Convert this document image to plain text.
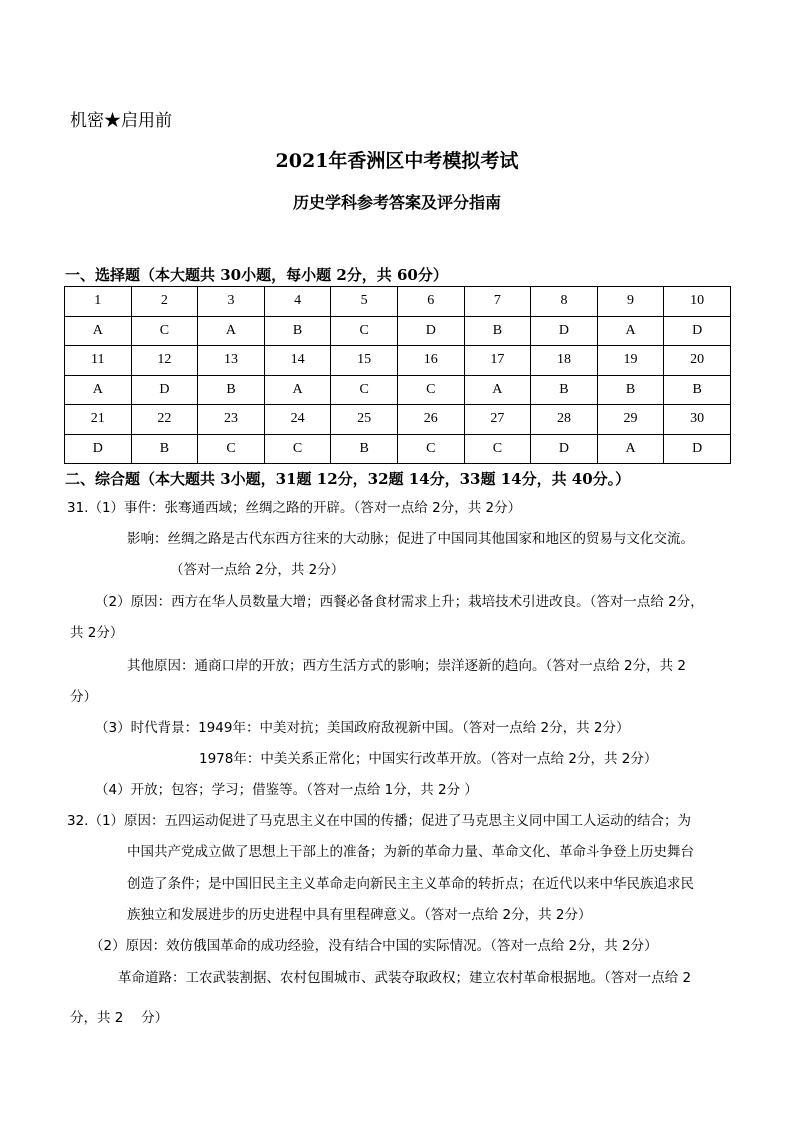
机密★启用前
2021年香洲区中考模拟考试
历史学科参考答案及评分指南
一、选择题（本大题共 30小题，每小题 2分，共 60分）
1	2	3	4	5	6	7	8	9	10
A	C	A	B	C	D	B	D	A	D
11	12	13	14	15	16	17	18	19	20
A	D	B	A	C	C	A	B	B	B
21	22	23	24	25	26	27	28	29	30
D	B	C	C	B	C	C	D	A	D
二、综合题（本大题共 3小题，31题 12分，32题 14分，33题 14分，共 40分。）
31.（1）事件：张骞通西域；丝绸之路的开辟。（答对一点给 2分，共 2分）
影响：丝绸之路是古代东西方往来的大动脉；促进了中国同其他国家和地区的贸易与文化交流。
（答对一点给 2分，共 2分）
（2）原因：西方在华人员数量大增；西餐必备食材需求上升；栽培技术引进改良。（答对一点给 2分，
共 2分）
其他原因：通商口岸的开放；西方生活方式的影响；崇洋逐新的趋向。（答对一点给 2分，共 2
分）
（3）时代背景：1949年：中美对抗；美国政府敌视新中国。（答对一点给 2分，共 2分）
1978年：中美关系正常化；中国实行改革开放。（答对一点给 2分，共 2分）
（4）开放；包容；学习；借鉴等。（答对一点给 1分，共 2分 ）
32.（1）原因：五四运动促进了马克思主义在中国的传播；促进了马克思主义同中国工人运动的结合；为
中国共产党成立做了思想上干部上的准备；为新的革命力量、革命文化、革命斗争登上历史舞台
创造了条件；是中国旧民主主义革命走向新民主主义革命的转折点；在近代以来中华民族追求民
族独立和发展进步的历史进程中具有里程碑意义。（答对一点给 2分，共 2分）
（2）原因：效仿俄国革命的成功经验，没有结合中国的实际情况。（答对一点给 2分，共 2分）
革命道路：工农武装割据、农村包围城市、武装夺取政权；建立农村革命根据地。（答对一点给 2
分，共 2　 分）
